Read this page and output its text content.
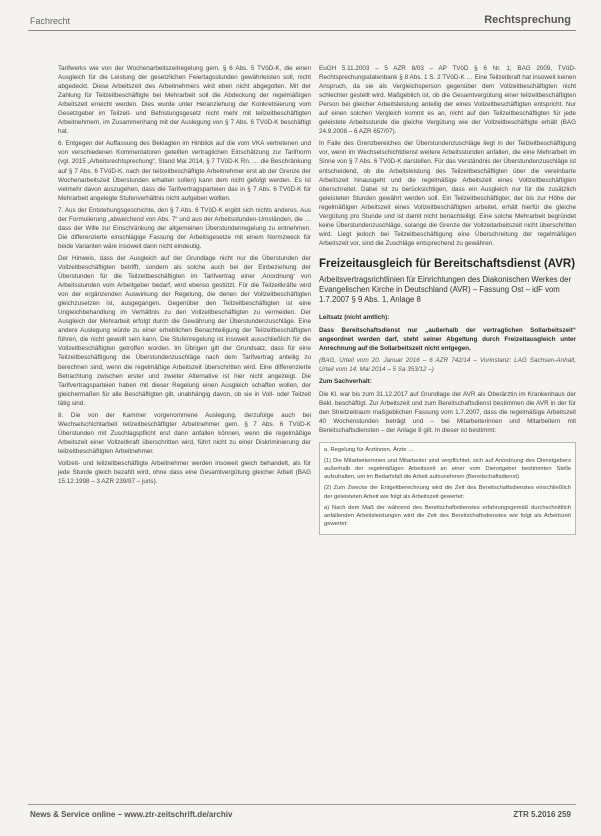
Fachrecht	Rechtsprechung

Tarifwerks wie von der Wochenarbeitszeitregelung gem. § 6 Abs. 5 TVöD-K, die einen Ausgleich für die Leistung der gesetzlichen Feiertagsstunden gewährleisten soll, nicht abgedeckt. Diese Arbeitszeit des Arbeitnehmers wird eben nicht abgegolten. Mit der Zahlung für Teilzeitbeschäftigte bei Mehrarbeit soll die Abdeckung der regelmäßigen Arbeitszeit erreicht werden. Dies wurde unter Heranziehung der Konkretisierung vom Gesetzgeber im Teilzeit- und Befristungsgesetz nicht mehr mit teilzeitbeschäftigten Arbeitnehmern, im Zusammenhang mit der Auslegung von § 7 Abs. 6 TVöD-K beschäftigt hat.

6. Entgegen der Auffassung des Beklagten im Hinblick auf die vom VKA vertretenen und von verschiedenen Kommentatoren geteilten vertraglichen Einschätzung zur Tarifnorm (vgl. 2015 „Arbeitsrechtsprechung“, Stand Mai 2014, § 7 TVöD-K Rn. … die Beschränkung auf § 7 Abs. 6 TVöD-K, nach der teilzeitbeschäftigte Arbeitnehmer erst ab der Grenze der Wochenarbeitszeit Überstunden erhalten sollen) kann dem nicht gefolgt werden. Es ist vielmehr davon auszugehen, dass die Tarifvertragsparteien das in § 7 Abs. 6 TVöD-K für Mehrarbeit angelegte Stufenverhältnis nicht aufgeben wollten.

7. Aus der Entstehungsgeschichte, den § 7 Abs. 6 TVöD-K ergibt sich nichts anderes. Aus der Formulierung „abweichend von Abs. 7“ und aus der Arbeitsstunden-Umständen, die … dass der Wille zur Einschränkung der allgemeinen Überstundenregelung zu entnehmen. Die differenzierte einschlägige Fassung der Arbeitsgesetze mit einem Normzweck für beide Varianten wäre insoweit dann nicht eindeutig.

Der Hinweis, dass der Ausgleich auf der Grundlage nicht nur die Überstunden der Vollzeitbeschäftigten betrifft, sondern als solche auch bei der Einbeziehung der Überstunden für die Teilzeitbeschäftigten im Tarifvertrag einer ‚Anordnung‘ von Arbeitsstunden vom Arbeitgeber bedarf, wird ebenso gestützt. Für die Teilzeitkräfte wird von der ergänzenden Auswirkung der Regelung, die denen der Vollzeitbeschäftigten gleichzusetzen ist, ausgegangen. Gegenüber den Teilzeitbeschäftigten ist eine Ungleichbehandlung im Verhältnis zu den Vollzeitbeschäftigten zu vermeiden. Der Ausgleich der Mehrarbeit erfolgt durch die Gewährung der Überstundenzuschläge. Eine andere Auslegung würde zu einer erheblichen Benachteiligung der Teilzeitbeschäftigten führen, die nicht gewollt sein kann. Die Stufenregelung ist insoweit ausschließlich für die Vollzeitbeschäftigten getroffen worden. Im Übrigen gilt der Grundsatz, dass für eine Teilzeitbeschäftigung die Überstundenzuschläge nach dem Tarifvertrag anteilig zu berechnen sind, wenn die regelmäßige Arbeitszeit überschritten wird. Eine differenzierte Betrachtung zwischen erster und zweiter Alternative ist hier nicht angezeigt. Die Tarifvertragsparteien haben mit dieser Regelung einen Ausgleich schaffen wollen, der gleichermaßen für alle Beschäftigten gilt, unabhängig davon, ob sie in Voll- oder Teilzeit tätig sind.

8. Die von der Kammer vorgenommene Auslegung, derzufolge auch bei Wechselschichtarbeit teilzeitbeschäftigter Arbeitnehmer gem. § 7 Abs. 6 TVöD-K Überstunden mit Zuschlagspflicht erst dann anfallen können, wenn die regelmäßige Arbeitszeit einer Vollzeitkraft überschritten wird, führt nicht zu einer Diskriminierung der teilzeitbeschäftigten Arbeitnehmer.

Vollzeit- und teilzeitbeschäftigte Arbeitnehmer werden insoweit gleich behandelt, als für jede Stunde gleich bezahlt wird, ohne dass eine Gesamtvergütung gleicher Arbeit (BAG 15.12.1998 – 3 AZR 239/97 – juris).

EuGH 5.11.2003 – 5 AZR 8/03 – AP TVöD § 6 Nr. 1; BAG 2009, TVöD-Rechtsprechungsdatenbank § 8 Abs. 1 S. 2 TVöD-K … Eine Teilzeitkraft hat insoweit keinen Anspruch, da sie als Vergleichsperson gegenüber dem Vollzeitbeschäftigten nicht schlechter gestellt wird. Maßgeblich ist, ob die Gesamtvergütung einer teilzeitbeschäftigten Person bei gleicher Arbeitsleistung anteilig der eines Vollzeitbeschäftigten entspricht. Nur auf einen solchen Vergleich kommt es an, nicht auf den Teilzeitbeschäftigten für jede geleistete Arbeitsstunde die gleiche Vergütung wie der Vollzeitbeschäftigte erhält (BAG 24.9.2008 – 6 AZR 657/07).

In Falle des Grenzbereiches der Überstundenzuschläge liegt in der Teilzeitbeschäftigung vor, wenn im Wechselschichtdienst weitere Arbeitsstunden anfallen, die eine Mehrarbeit im Sinne von § 7 Abs. 6 TVöD-K darstellen. Für das Verständnis der Überstundenzuschläge ist entscheidend, ob die Arbeitsleistung des Teilzeitbeschäftigten über die vereinbarte Arbeitszeit hinausgeht und die regelmäßige Arbeitszeit eines Vollzeitbeschäftigten überschreitet. Dabei ist zu berücksichtigen, dass ein Ausgleich nur für die zusätzlich geleisteten Stunden gewährt werden soll. Ein Teilzeitbeschäftigter, der bis zur Höhe der regelmäßigen Arbeitszeit eines Vollzeitbeschäftigten arbeitet, erhält hierfür die gleiche Vergütung pro Stunde und ist damit nicht benachteiligt. Eine solche Mehrarbeit begründet keine Überstundenzuschläge, solange die Grenze der Vollzeitarbeitszeit nicht überschritten wird. Liegt jedoch bei Teilzeitbeschäftigung eine Überschreitung der regelmäßigen Arbeitszeit vor, sind die Zuschläge entsprechend zu gewähren.

Freizeitausgleich für Bereitschaftsdienst (AVR)
Arbeitsvertragsrichtlinien für Einrichtungen des Diakonischen Werkes der Evangelischen Kirche in Deutschland (AVR) – Fassung Ost – idF vom 1.7.2007 § 9 Abs. 1, Anlage 8

Leitsatz (nicht amtlich):

Dass Bereitschaftsdienst nur „außerhalb der vertraglichen Sollarbeitszeit“ angeordnet werden darf, steht seiner Abgeltung durch Freizeitausgleich unter Anrechnung auf die Sollarbeitszeit nicht entgegen.

(BAG, Urteil vom 20. Januar 2016 – 6 AZR 742/14 – Vorinstanz: LAG Sachsen-Anhalt, Urteil vom 14. Mai 2014 – 5 Sa 353/12 –)

Zum Sachverhalt:

Die Kl. war bis zum 31.12.2017 auf Grundlage der AVR als Oberärztin im Krankenhaus der Bekl. beschäftigt. Zur Arbeitszeit und zum Bereitschaftsdienst bestimmen die AVR in der für den Streitzeitraum maßgeblichen Fassung vom 1.7.2007, dass die regelmäßige Arbeitszeit 40 Wochenstunden beträgt und – bei Mitarbeiterinnen und Mitarbeitern mit Bereitschaftsdiensten – der Anlage 8 gilt. In dieser ist bestimmt:

a. Regelung für Ärztinnen, Ärzte …

(1) Die Mitarbeiterinnen und Mitarbeiter sind verpflichtet, sich auf Anordnung des Dienstgebers außerhalb der regelmäßigen Arbeitszeit an einer vom Dienstgeber bestimmten Stelle aufzuhalten, um im Bedarfsfall die Arbeit aufzunehmen (Bereitschaftsdienst).

(2) Zum Zwecke der Entgeltberechnung wird die Zeit des Bereitschaftsdienstes einschließlich der geleisteten Arbeit wie folgt als Arbeitszeit gewertet:

a) Nach dem Maß der während des Bereitschaftsdienstes erfahrungsgemäß durchschnittlich anfallenden Arbeitsleistungen wird die Zeit des Bereitschaftsdienstes wie folgt als Arbeitszeit gewertet:

News & Service online – www.ztr-zeitschrift.de/archiv	ZTR 5.2016 259
